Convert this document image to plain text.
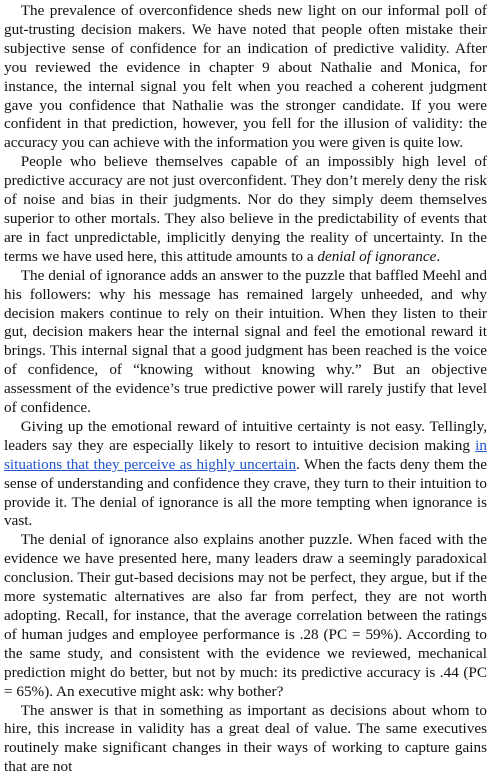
The prevalence of overconfidence sheds new light on our informal poll of gut-trusting decision makers. We have noted that people often mistake their subjective sense of confidence for an indication of predictive validity. After you reviewed the evidence in chapter 9 about Nathalie and Monica, for instance, the internal signal you felt when you reached a coherent judgment gave you confidence that Nathalie was the stronger candidate. If you were confident in that prediction, however, you fell for the illusion of validity: the accuracy you can achieve with the information you were given is quite low.

People who believe themselves capable of an impossibly high level of predictive accuracy are not just overconfident. They don’t merely deny the risk of noise and bias in their judgments. Nor do they simply deem themselves superior to other mortals. They also believe in the predictability of events that are in fact unpredictable, implicitly denying the reality of uncertainty. In the terms we have used here, this attitude amounts to a denial of ignorance.

The denial of ignorance adds an answer to the puzzle that baffled Meehl and his followers: why his message has remained largely unheeded, and why decision makers continue to rely on their intuition. When they listen to their gut, decision makers hear the internal signal and feel the emotional reward it brings. This internal signal that a good judgment has been reached is the voice of confidence, of “knowing without knowing why.” But an objective assessment of the evidence’s true predictive power will rarely justify that level of confidence.

Giving up the emotional reward of intuitive certainty is not easy. Tellingly, leaders say they are especially likely to resort to intuitive decision making in situations that they perceive as highly uncertain. When the facts deny them the sense of understanding and confidence they crave, they turn to their intuition to provide it. The denial of ignorance is all the more tempting when ignorance is vast.

The denial of ignorance also explains another puzzle. When faced with the evidence we have presented here, many leaders draw a seemingly paradoxical conclusion. Their gut-based decisions may not be perfect, they argue, but if the more systematic alternatives are also far from perfect, they are not worth adopting. Recall, for instance, that the average correlation between the ratings of human judges and employee performance is .28 (PC = 59%). According to the same study, and consistent with the evidence we reviewed, mechanical prediction might do better, but not by much: its predictive accuracy is .44 (PC = 65%). An executive might ask: why bother?

The answer is that in something as important as decisions about whom to hire, this increase in validity has a great deal of value. The same executives routinely make significant changes in their ways of working to capture gains that are not
